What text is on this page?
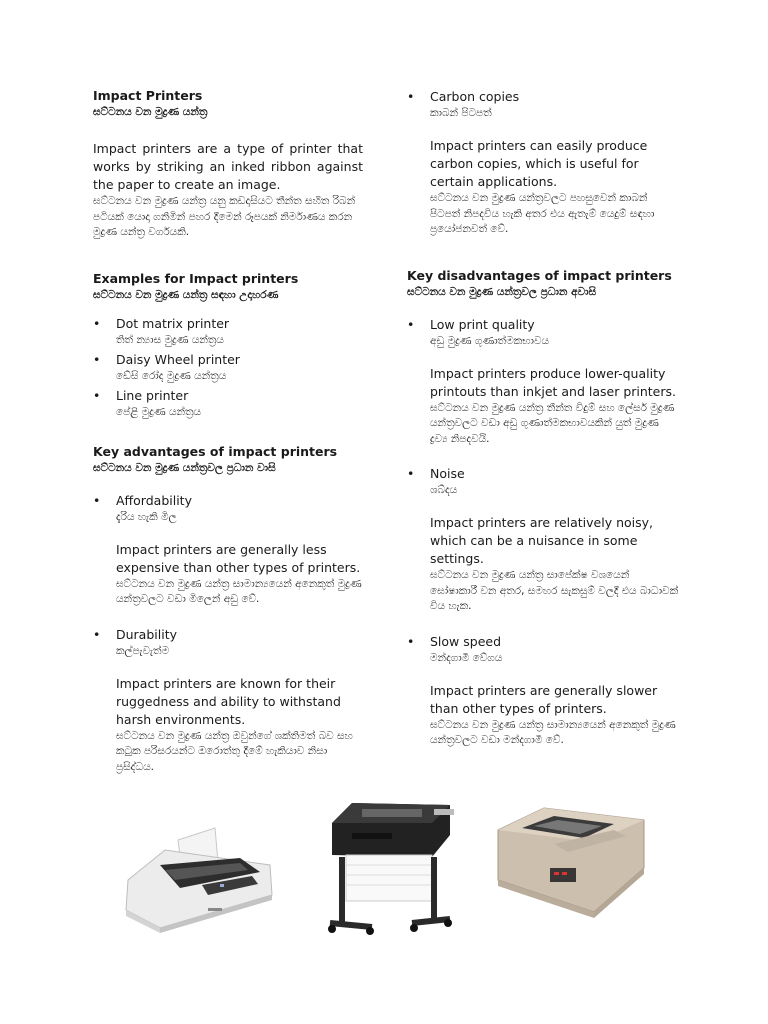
Impact Printers

ඝට්ටනය වන මුද්‍රණ යන්ත්‍ර

Impact printers are a type of printer that works by striking an inked ribbon against the paper to create an image.

ඝට්ටනය වන මුද්‍රණ යන්ත්‍ර යනු කඩදාසියට තීන්ත සහිත රිබන් පටියක් යොදා ගනිමින් පහර දීමෙන් රූපයක් නිර්මාණය කරන මුද්‍රණ යන්ත්‍ර වර්ගයකි.

Examples for Impact printers

ඝට්ටනය වන මුද්‍රණ යන්ත්‍ර සඳහා උදාහරණ

• Dot matrix printer
තිත් න්‍යාස මුද්‍රණ යන්ත්‍රය
• Daisy Wheel printer
ඩේසි රෝද මුද්‍රණ යන්ත්‍රය
• Line printer
පේළි මුද්‍රණ යන්ත්‍රය

Key advantages of impact printers

ඝට්ටනය වන මුද්‍රණ යන්ත්‍රවල ප්‍රධාන වාසි

• Affordability
දැරිය හැකි මිල
Impact printers are generally less expensive than other types of printers.
ඝට්ටනය වන මුද්‍රණ යන්ත්‍ර සාමාන්‍යයෙන් අනෙකුත් මුද්‍රණ යන්ත්‍රවලට වඩා මිලෙන් අඩු වේ.
• Durability
කල්පැවැත්ම
Impact printers are known for their ruggedness and ability to withstand harsh environments.
ඝට්ටනය වන මුද්‍රණ යන්ත්‍ර ඔවුන්ගේ ශක්තිමත් බව සහ කටුක පරිසරයන්ට ඔරොත්තු දීමේ හැකියාව නිසා ප්‍රසිද්ධය.
• Carbon copies
කාබන් පිටපත්
Impact printers can easily produce carbon copies, which is useful for certain applications.
ඝට්ටනය වන මුද්‍රණ යන්ත්‍රවලට පහසුවෙන් කාබන් පිටපත් නිපදවිය හැකි අතර එය ඇතැම් යෙදුම් සඳහා ප්‍රයෝජනවත් වේ.

Key disadvantages of impact printers

ඝට්ටනය වන මුද්‍රණ යන්ත්‍රවල ප්‍රධාන අවාසි

• Low print quality
අඩු මුද්‍රණ ගුණාත්මකභාවය
Impact printers produce lower-quality printouts than inkjet and laser printers.
ඝට්ටනය වන මුද්‍රණ යන්ත්‍ර තීන්ත විදුම් සහ ලේසර් මුද්‍රණ යන්ත්‍රවලට වඩා අඩු ගුණාත්මකභාවයකින් යුත් මුද්‍රණ ද්‍රව්‍ය නිපදවයි.
• Noise
ශබ්දය
Impact printers are relatively noisy, which can be a nuisance in some settings.
ඝට්ටනය වන මුද්‍රණ යන්ත්‍ර සාපේක්ෂ වශයෙන් ඝෝෂාකාරී වන අතර, සමහර සැකසුම් වලදී එය බාධාවක් විය හැක.
• Slow speed
මන්දගාමී වේගය
Impact printers are generally slower than other types of printers.
ඝට්ටනය වන මුද්‍රණ යන්ත්‍ර සාමාන්‍යයෙන් අනෙකුත් මුද්‍රණ යන්ත්‍රවලට වඩා මන්දගාමී වේ.
